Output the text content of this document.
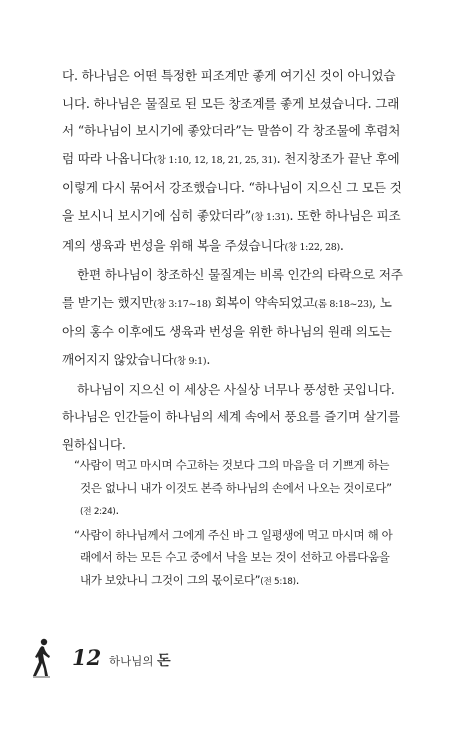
다. 하나님은 어떤 특정한 피조계만 좋게 여기신 것이 아니었습
니다. 하나님은 물질로 된 모든 창조계를 좋게 보셨습니다. 그래
서 “하나님이 보시기에 좋았더라”는 말씀이 각 창조물에 후렴처
럼 따라 나옵니다(창 1:10, 12, 18, 21, 25, 31). 천지창조가 끝난 후에
이렇게 다시 묶어서 강조했습니다. “하나님이 지으신 그 모든 것
을 보시니 보시기에 심히 좋았더라”(창 1:31). 또한 하나님은 피조
계의 생육과 번성을 위해 복을 주셨습니다(창 1:22, 28).
한편 하나님이 창조하신 물질계는 비록 인간의 타락으로 저주
를 받기는 했지만(창 3:17~18) 회복이 약속되었고(롬 8:18~23), 노
아의 홍수 이후에도 생육과 번성을 위한 하나님의 원래 의도는
깨어지지 않았습니다(창 9:1).
하나님이 지으신 이 세상은 사실상 너무나 풍성한 곳입니다.
하나님은 인간들이 하나님의 세계 속에서 풍요를 즐기며 살기를
원하십니다.
“사람이 먹고 마시며 수고하는 것보다 그의 마음을 더 기쁘게 하는
것은 없나니 내가 이것도 본즉 하나님의 손에서 나오는 것이로다”
(전 2:24).
“사람이 하나님께서 그에게 주신 바 그 일평생에 먹고 마시며 해 아
래에서 하는 모든 수고 중에서 낙을 보는 것이 선하고 아름다움을
내가 보았나니 그것이 그의 몫이로다”(전 5:18).
12 하나님의 돈
